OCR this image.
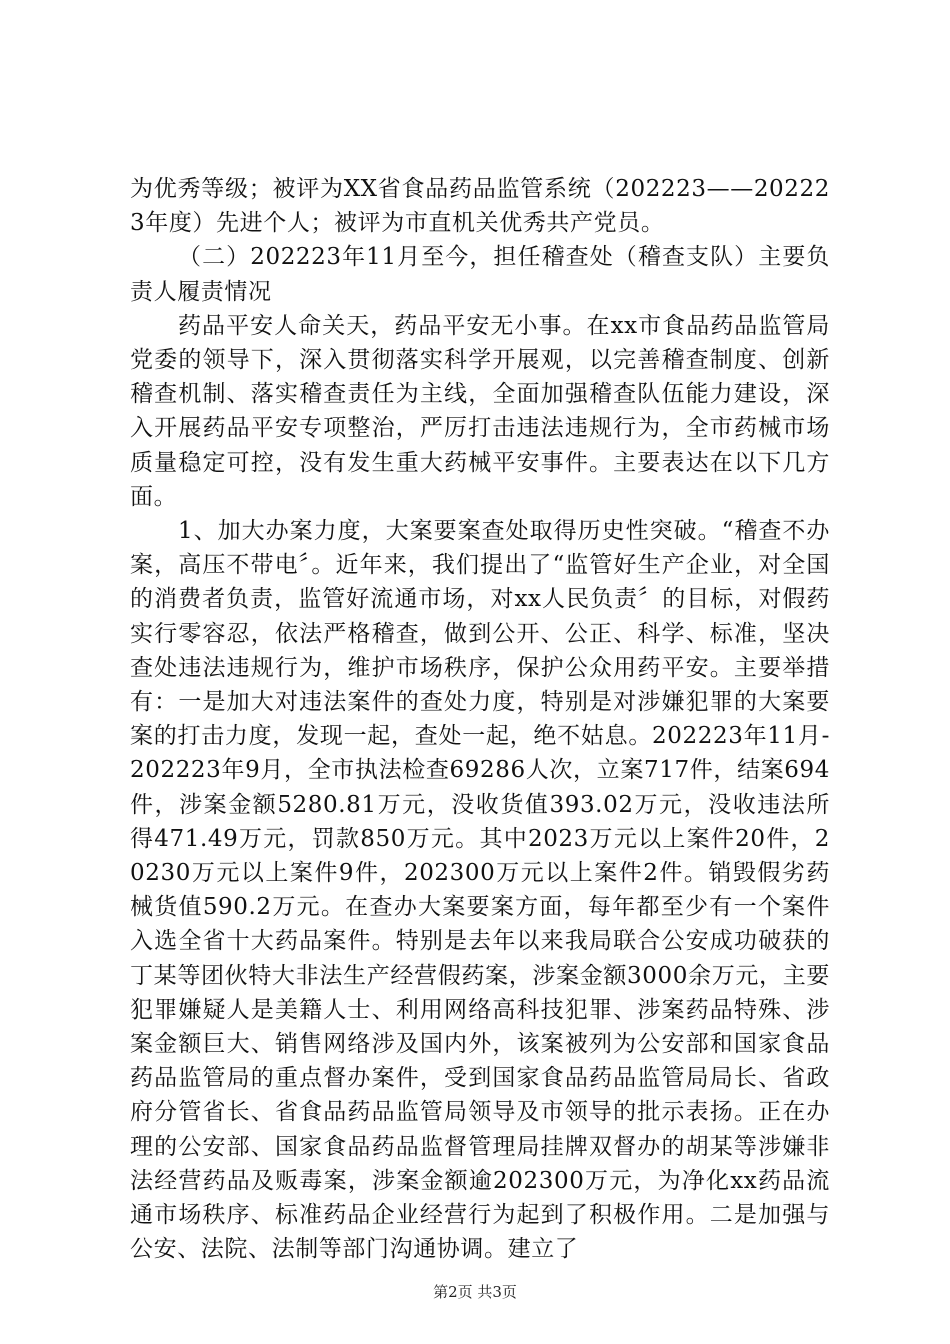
为优秀等级；被评为XX省食品药品监管系统（202223——202223年度）先进个人；被评为市直机关优秀共产党员。

（二）202223年11月至今，担任稽查处（稽查支队）主要负责人履责情况

药品平安人命关天，药品平安无小事。在xx市食品药品监管局党委的领导下，深入贯彻落实科学开展观，以完善稽查制度、创新稽查机制、落实稽查责任为主线，全面加强稽查队伍能力建设，深入开展药品平安专项整治，严厉打击违法违规行为，全市药械市场质量稳定可控，没有发生重大药械平安事件。主要表达在以下几方面。

1、加大办案力度，大案要案查处取得历史性突破。“稽查不办案，高压不带电〞。近年来，我们提出了“监管好生产企业，对全国的消费者负责，监管好流通市场，对xx人民负责〞的目标，对假药实行零容忍，依法严格稽查，做到公开、公正、科学、标准，坚决查处违法违规行为，维护市场秩序，保护公众用药平安。主要举措有：一是加大对违法案件的查处力度，特别是对涉嫌犯罪的大案要案的打击力度，发现一起，查处一起，绝不姑息。202223年11月-202223年9月，全市执法检查69286人次，立案717件，结案694件，涉案金额5280.81万元，没收货值393.02万元，没收违法所得471.49万元，罚款850万元。其中2023万元以上案件20件，20230万元以上案件9件，202300万元以上案件2件。销毁假劣药械货值590.2万元。在查办大案要案方面，每年都至少有一个案件入选全省十大药品案件。特别是去年以来我局联合公安成功破获的丁某等团伙特大非法生产经营假药案，涉案金额3000余万元，主要犯罪嫌疑人是美籍人士、利用网络高科技犯罪、涉案药品特殊、涉案金额巨大、销售网络涉及国内外，该案被列为公安部和国家食品药品监管局的重点督办案件，受到国家食品药品监管局局长、省政府分管省长、省食品药品监管局领导及市领导的批示表扬。正在办理的公安部、国家食品药品监督管理局挂牌双督办的胡某等涉嫌非法经营药品及贩毒案，涉案金额逾202300万元，为净化xx药品流通市场秩序、标准药品企业经营行为起到了积极作用。二是加强与公安、法院、法制等部门沟通协调。建立了

第2页 共3页
